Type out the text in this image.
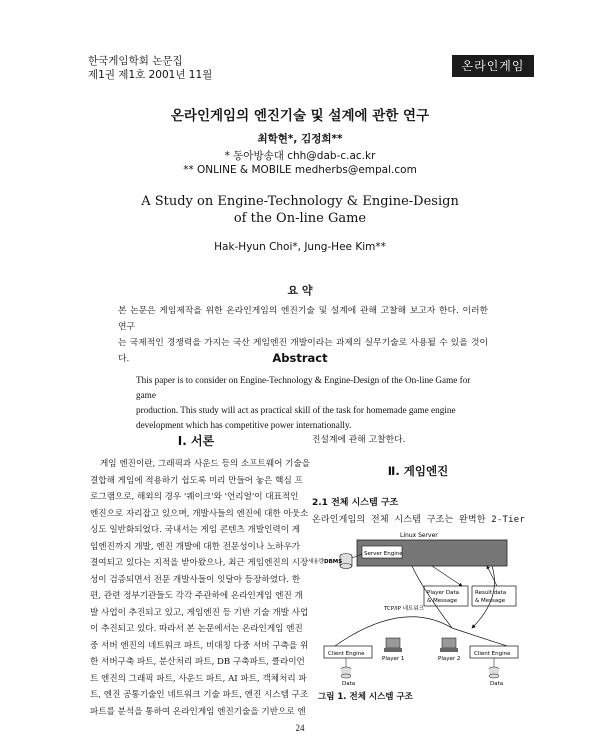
한국게임학회 논문집
제1권 제1호 2001년 11월
온라인게임
온라인게임의 엔진기술 및 설계에 관한 연구
최학현*, 김정희**
* 동아방송대 chh@dab-c.ac.kr
** ONLINE & MOBILE medherbs@empal.com
A Study on Engine-Technology & Engine-Design
of the On-line Game
Hak-Hyun Choi*, Jung-Hee Kim**
요 약
본 논문은 게임제작을 위한 온라인게임의 엔진기술 및 설계에 관해 고찰해 보고자 한다. 이러한 연구
는 국제적인 경쟁력을 가지는 국산 게임엔진 개발이라는 과제의 실무기술로 사용될 수 있을 것이다.	Abstract
This paper is to consider on Engine-Technology & Engine-Design of the On-line Game for game
production. This study will act as practical skill of the task for homemade game engine
development which has competitive power internationally.
Ⅰ. 서론
게임 엔진이란, 그래픽과 사운드 등의 소프트웨어 기술을
결합해 게임에 적용하기 쉽도록 미리 만들어 놓은 핵심 프
로그램으로, 해외의 경우 '퀘이크'와 '언리얼'이 대표적인
엔진으로 자리잡고 있으며, 개발사들의 엔진에 대한 아웃소
싱도 일반화되었다. 국내서는 게임 콘텐츠 개발인력이 게
임엔진까지 개발, 엔진 개발에 대한 전문성이나 노하우가
결여되고 있다는 지적을 받아왔으나, 최근 게임엔진의 시장
성이 검증되면서 전문 개발사들이 잇달아 등장하였다. 한
편, 관련 정부기관들도 각각 주관하에 온라인게임 엔진 개
발 사업이 추진되고 있고, 게임엔진 등 기반 기술 개발 사업
이 추진되고 있다. 따라서 본 논문에서는 온라인게임 엔진
중 서버 엔진의 네트워크 파트, 비대칭 다중 서버 구축을 위
한 서버구축 파트, 분산처리 파트, DB 구축파트, 클라이언
트 엔진의 그래픽 파트, 사운드 파트, AI 파트, 객체처리 파
트, 엔진 공통기술인 네트워크 기술 파트, 엔진 시스템 구조
파트를 분석을 통하여 온라인게임 엔진기술을 기반으로 엔
진설계에 관해 고찰한다.
Ⅱ. 게임엔진
2.1 전체 시스템 구조
온라인게임의 전체 시스템 구조는 완벽한 2-Tier
Linux Server
Server Engine
새용량 DBMS
Player Data
& Message
Result data
& Message
TCP/IP 네트워크
Client Engine	Client Engine
Player 1	Player 2
Data	Data
그림 1. 전체 시스템 구조
24
